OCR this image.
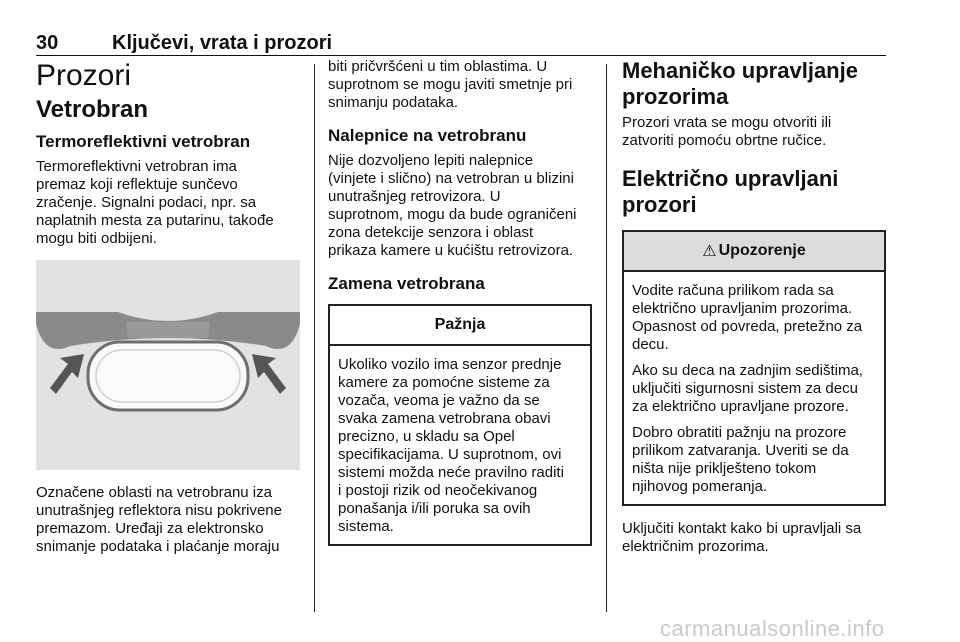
30	Ključevi, vrata i prozori
Prozori
Vetrobran
Termoreflektivni vetrobran

Termoreflektivni vetrobran ima
premaz koji reflektuje sunčevo
zračenje. Signalni podaci, npr. sa
naplatnih mesta za putarinu, takođe
mogu biti odbijeni.

Označene oblasti na vetrobranu iza
unutrašnjeg reflektora nisu pokrivene
premazom. Uređaji za elektronsko
snimanje podataka i plaćanje moraju

biti pričvršćeni u tim oblastima. U
suprotnom se mogu javiti smetnje pri
snimanju podataka.

Nalepnice na vetrobranu

Nije dozvoljeno lepiti nalepnice
(vinjete i slično) na vetrobran u blizini
unutrašnjeg retrovizora. U
suprotnom, mogu da bude ograničeni
zona detekcije senzora i oblast
prikaza kamere u kućištu retrovizora.

Zamena vetrobrana
Pažnja

Ukoliko vozilo ima senzor prednje
kamere za pomoćne sisteme za
vozača, veoma je važno da se
svaka zamena vetrobrana obavi
precizno, u skladu sa Opel
specifikacijama. U suprotnom, ovi
sistemi možda neće pravilno raditi
i postoji rizik od neočekivanog
ponašanja i/ili poruka sa ovih
sistema.

Mehaničko upravljanje
prozorima

Prozori vrata se mogu otvoriti ili
zatvoriti pomoću obrtne ručice.

Električno upravljani prozori
⚠ Upozorenje

Vodite računa prilikom rada sa
električno upravljanim prozorima.
Opasnost od povreda, pretežno za
decu.

Ako su deca na zadnjim sedištima,
uključiti sigurnosni sistem za decu
za električno upravljane prozore.

Dobro obratiti pažnju na prozore
prilikom zatvaranja. Uveriti se da
ništa nije priklješteno tokom
njihovog pomeranja.

Uključiti kontakt kako bi upravljali sa
električnim prozorima.

carmanualsonline.info
